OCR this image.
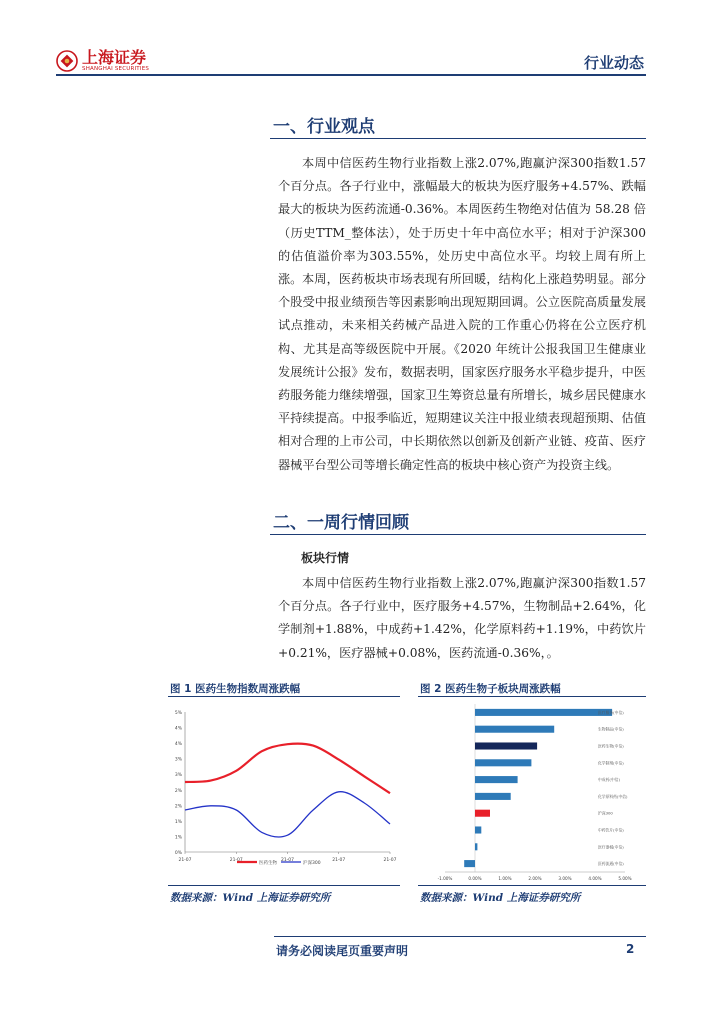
上海证券
SHANGHAI SECURITIES	行业动态
一、行业观点
本周中信医药生物行业指数上涨2.07%,跑赢沪深300指数1.57个百分点。各子行业中，涨幅最大的板块为医疗服务+4.57%、跌幅最大的板块为医药流通-0.36%。本周医药生物绝对估值为 58.28 倍（历史TTM_整体法），处于历史十年中高位水平；相对于沪深300的估值溢价率为303.55%，处历史中高位水平。均较上周有所上涨。 本周，医药板块市场表现有所回暖，结构化上涨趋势明显。部分个股受中报业绩预告等因素影响出现短期回调。公立医院高质量发展试点推动，未来相关药械产品进入院的工作重心仍将在公立医疗机构、尤其是高等级医院中开展。《2020 年统计公报我国卫生健康业发展统计公报》发布，数据表明，国家医疗服务水平稳步提升，中医药服务能力继续增强，国家卫生筹资总量有所增长，城乡居民健康水平持续提高。中报季临近，短期建议关注中报业绩表现超预期、估值相对合理的上市公司，中长期依然以创新及创新产业链、疫苗、医疗器械平台型公司等增长确定性高的板块中核心资产为投资主线。
二、一周行情回顾
板块行情
本周中信医药生物行业指数上涨2.07%,跑赢沪深300指数1.57个百分点。各子行业中，医疗服务+4.57%，生物制品+2.64%，化学制剂+1.88%，中成药+1.42%，化学原料药+1.19%，中药饮片+0.21%，医疗器械+0.08%，医药流通-0.36%，。
图 1 医药生物指数周涨跌幅	图 2 医药生物子板块周涨跌幅
0%
1%
1%
2%
2%
3%
3%
4%
4%
5%
21-07	21-07	21-07	21-07	21-07
医药生物	沪深300
-1.00%	0.00%	1.00%	2.00%	3.00%	4.00%	5.00%
医疗服务(中信)
生物制品(中信)
医药生物(中信)
化学制剂(中信)
中成药(中信)
化学原料药(中信)
沪深300
中药饮片(中信)
医疗器械(中信)
医药流通(中信)
数据来源：Wind 上海证券研究所	数据来源：Wind 上海证券研究所
请务必阅读尾页重要声明	2
